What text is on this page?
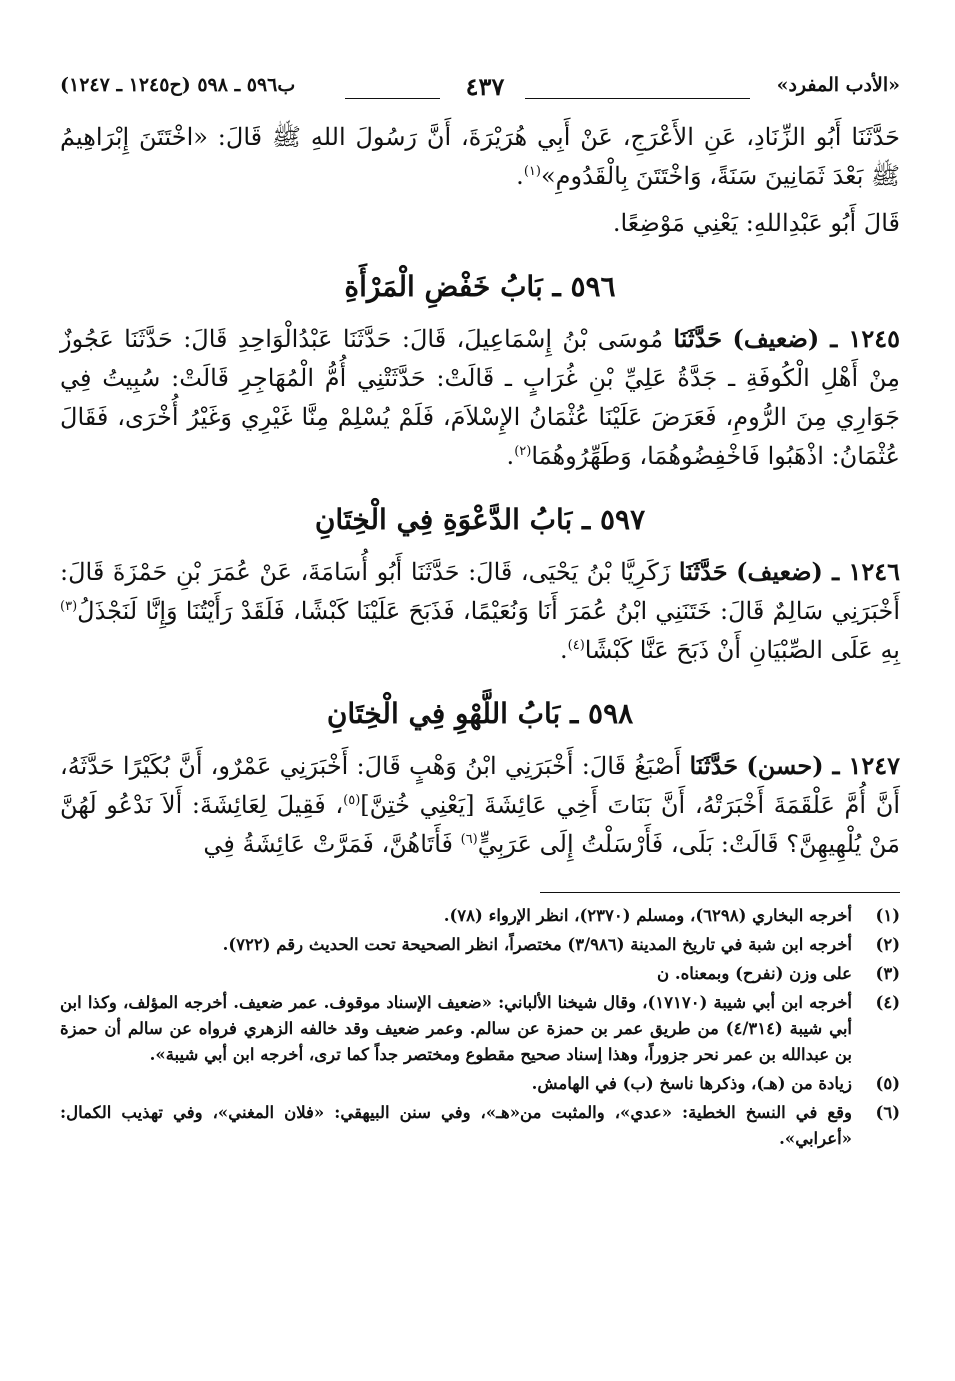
«الأدب المفرد»
٤٣٧
ب٥٩٦ ـ ٥٩٨ (ح١٢٤٥ ـ ١٢٤٧)

حَدَّثَنَا أَبُو الزِّنَادِ، عَنِ الأَعْرَجِ، عَنْ أَبِي هُرَيْرَةَ، أَنَّ رَسُولَ اللهِ ﷺ قَالَ: «اخْتَتَنَ إِبْرَاهِيمُ ﷺ بَعْدَ ثَمَانِينَ سَنَةً، وَاخْتَتَنَ بِالْقَدُومِ»$^{(١)}$.

قَالَ أَبُو عَبْدِاللهِ: يَعْنِي مَوْضِعًا.

٥٩٦ ـ بَابُ خَفْضِ الْمَرْأَةِ

١٢٤٥ ـ (ضعيف) حَدَّثَنَا مُوسَى بْنُ إِسْمَاعِيلَ، قَالَ: حَدَّثَنَا عَبْدُالْوَاحِدِ قَالَ: حَدَّثَنَا عَجُوزٌ مِنْ أَهْلِ الْكُوفَةِ ـ جَدَّةُ عَلِيِّ بْنِ غُرَابٍ ـ قَالَتْ: حَدَّثَتْنِي أُمُّ الْمُهَاجِرِ قَالَتْ: سُبِيتُ فِي جَوَارِي مِنَ الرُّومِ، فَعَرَضَ عَلَيْنَا عُثْمَانُ الإِسْلاَمَ، فَلَمْ يُسْلِمْ مِنَّا غَيْرِي وَغَيْرُ أُخْرَى، فَقَالَ عُثْمَانُ: اذْهَبُوا فَاخْفِضُوهُمَا، وَطَهِّرُوهُمَا$^{(٢)}$.

٥٩٧ ـ بَابُ الدَّعْوَةِ فِي الْخِتَانِ

١٢٤٦ ـ (ضعيف) حَدَّثَنَا زَكَرِيَّا بْنُ يَحْيَى، قَالَ: حَدَّثَنَا أَبُو أُسَامَةَ، عَنْ عُمَرَ بْنِ حَمْزَةَ قَالَ: أَخْبَرَنِي سَالِمٌ قَالَ: خَتَنَنِي ابْنُ عُمَرَ أَنَا وَنُعَيْمًا، فَذَبَحَ عَلَيْنَا كَبْشًا، فَلَقَدْ رَأَيْتُنَا وَإِنَّا لَنَجْذَلُ$^{(٣)}$ بِهِ عَلَى الصِّبْيَانِ أَنْ ذَبَحَ عَنَّا كَبْشًا$^{(٤)}$.

٥٩٨ ـ بَابُ اللَّهْوِ فِي الْخِتَانِ

١٢٤٧ ـ (حسن) حَدَّثَنَا أَصْبَغُ قَالَ: أَخْبَرَنِي ابْنُ وَهْبٍ قَالَ: أَخْبَرَنِي عَمْرٌو، أَنَّ بُكَيْرًا حَدَّثَهُ، أَنَّ أُمَّ عَلْقَمَةَ أَخْبَرَتْهُ، أَنَّ بَنَاتَ أَخِي عَائِشَةَ [يَعْنِي خُتِنَّ]$^{(٥)}$، فَقِيلَ لِعَائِشَةَ: أَلاَ نَدْعُو لَهُنَّ مَنْ يُلْهِيهِنَّ؟ قَالَتْ: بَلَى، فَأَرْسَلْتُ إِلَى عَرَبِيٍّ$^{(٦)}$ فَأَتَاهُنَّ، فَمَرَّتْ عَائِشَةُ فِي

(١)
أخرجه البخاري (٦٢٩٨)، ومسلم (٢٣٧٠)، انظر الإرواء (٧٨).
(٢)
أخرجه ابن شبة في تاريخ المدينة (٣/٩٨٦) مختصراً، انظر الصحيحة تحت الحديث رقم (٧٢٢).
(٣)
على وزن (نفرح) وبمعناه. ن
(٤)
أخرجه ابن أبي شيبة (١٧١٧٠)، وقال شيخنا الألباني: «ضعيف الإسناد موقوف. عمر ضعيف. أخرجه المؤلف، وكذا ابن أبي شيبة (٤/٣١٤) من طريق عمر بن حمزة عن سالم. وعمر ضعيف وقد خالفه الزهري فرواه عن سالم أن حمزة بن عبدالله بن عمر نحر جزوراً، وهذا إسناد صحيح مقطوع ومختصر جداً كما ترى، أخرجه ابن أبي شيبة».
(٥)
زيادة من (هـ)، وذكرها ناسخ (ب) في الهامش.
(٦)
وقع في النسخ الخطية: «عدي»، والمثبت من«هـ»، وفي سنن البيهقي: «فلان المغني»، وفي تهذيب الكمال: «أعرابي».
